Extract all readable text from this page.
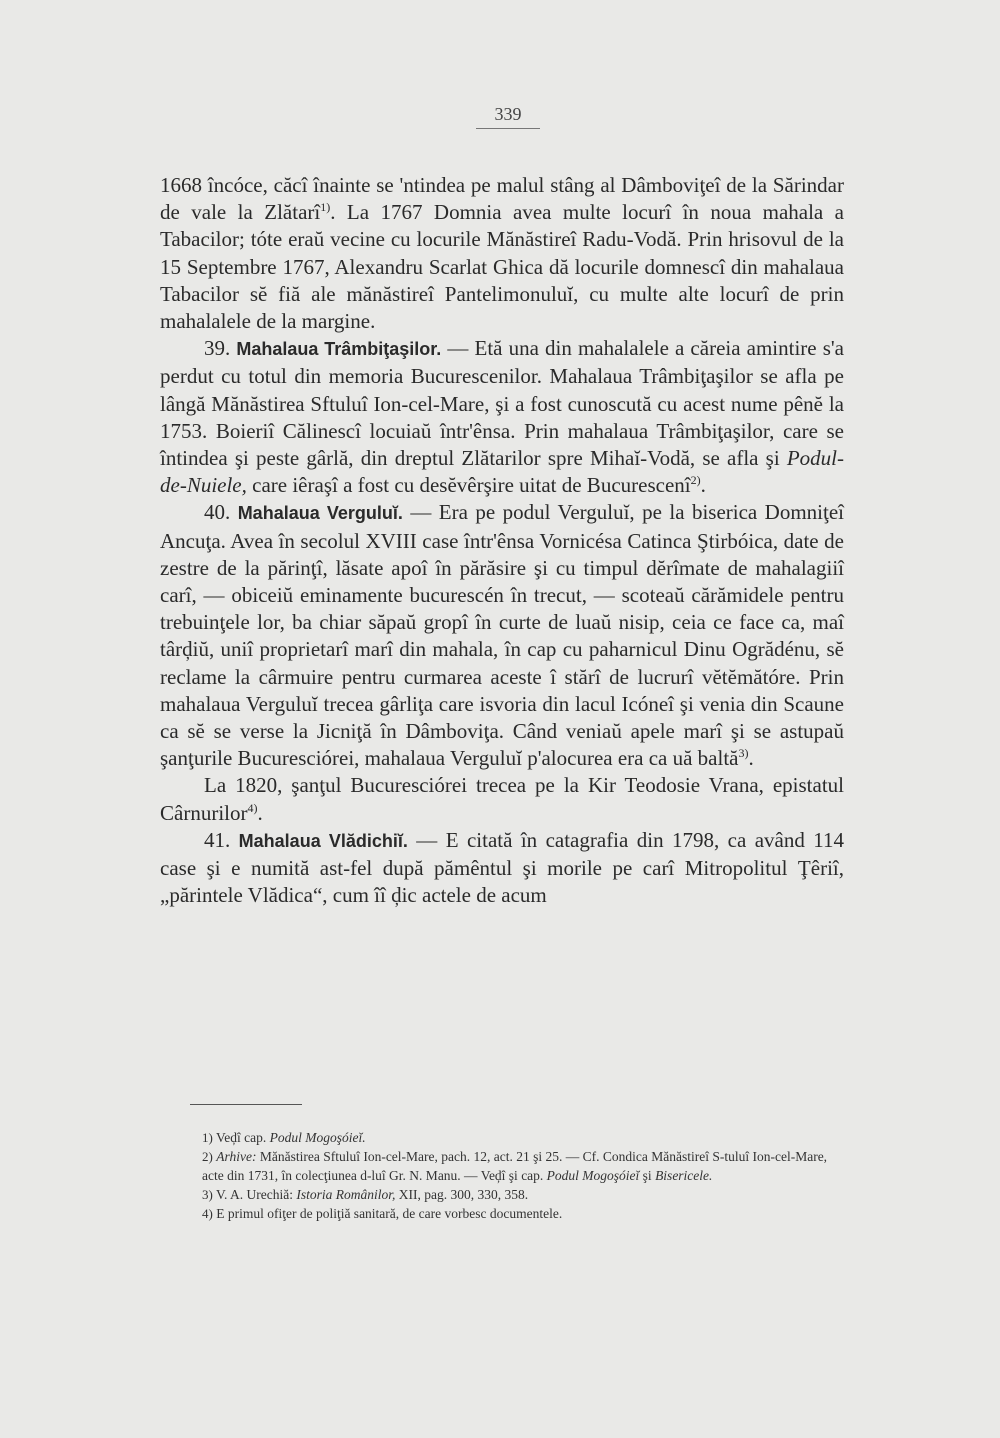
339

1668 încóce, căcî înainte se 'ntindea pe malul stâng al Dâmboviţeî de la Sărindar de vale la Zlătarî$^{1)}$. La 1767 Domnia avea multe locurî în noua mahala a Tabacilor; tóte eraŭ vecine cu locurile Mănăstireî Radu-Vodă. Prin hrisovul de la 15 Septembre 1767, Alexandru Scarlat Ghica dă locurile domnescî din mahalaua Tabacilor sĕ fiă ale mănăstireî Pantelimonuluĭ, cu multe alte locurî de prin mahalalele de la margine.

39. Mahalaua Trâmbiţaşilor. — Etă una din mahalalele a căreia amintire s'a perdut cu totul din memoria Bucurescenilor. Mahalaua Trâmbiţaşilor se afla pe lângă Mănăstirea Sftuluî Ion-cel-Mare, şi a fost cunoscută cu acest nume pênĕ la 1753. Boieriî Călinescî locuiaŭ într'ênsa. Prin mahalaua Trâmbiţaşilor, care se întindea şi peste gârlă, din dreptul Zlătarilor spre Mihaĭ-Vodă, se afla şi Podul-de-Nuiele, care iêraşî a fost cu desĕvêrşire uitat de Bucurescenî$^{2)}$.

40. Mahalaua Verguluĭ. — Era pe podul Verguluĭ, pe la biserica Domniţeî Ancuţa. Avea în secolul XVIII case într'ênsa Vornicésa Catinca Ştirbóica, date de zestre de la părinţî, lăsate apoî în părăsire şi cu timpul dĕrîmate de mahalagiiî carî, — obiceiŭ eminamente bucurescén în trecut, — scoteaŭ cărămidele pentru trebuinţele lor, ba chiar săpaŭ gropî în curte de luaŭ nisip, ceia ce face ca, maî târḑiŭ, uniî proprietarî marî din mahala, în cap cu paharnicul Dinu Ogrădénu, sĕ reclame la cârmuire pentru curmarea aceste î stărî de lucrurî vĕtĕmătóre. Prin mahalaua Verguluĭ trecea gârliţa care isvoria din lacul Icóneî şi venia din Scaune ca sĕ se verse la Jicniţă în Dâmboviţa. Când veniaŭ apele marî şi se astupaŭ şanţurile Bucuresciórei, mahalaua Verguluĭ p'alocurea era ca uă baltă$^{3)}$.

La 1820, şanţul Bucuresciórei trecea pe la Kir Teodosie Vrana, epistatul Cârnurilor$^{4)}$.

41. Mahalaua Vlădichiĭ. — E citată în catagrafia din 1798, ca având 114 case şi e numită ast-fel după pămêntul şi morile pe carî Mitropolitul Ţêriî, „părintele Vlădica“, cum îî ḑic actele de acum

1) Veḑî cap. Podul Mogoşóieĭ.

2) Arhive: Mănăstirea Sftuluî Ion-cel-Mare, pach. 12, act. 21 şi 25. — Cf. Condica Mănăstireî S-tuluî Ion-cel-Mare, acte din 1731, în colecţiunea d-luî Gr. N. Manu. — Veḑî şi cap. Podul Mogoşóieĭ şi Bisericele.

3) V. A. Urechiă: Istoria Românilor, XII, pag. 300, 330, 358.

4) E primul ofiţer de poliţiă sanitară, de care vorbesc documentele.
